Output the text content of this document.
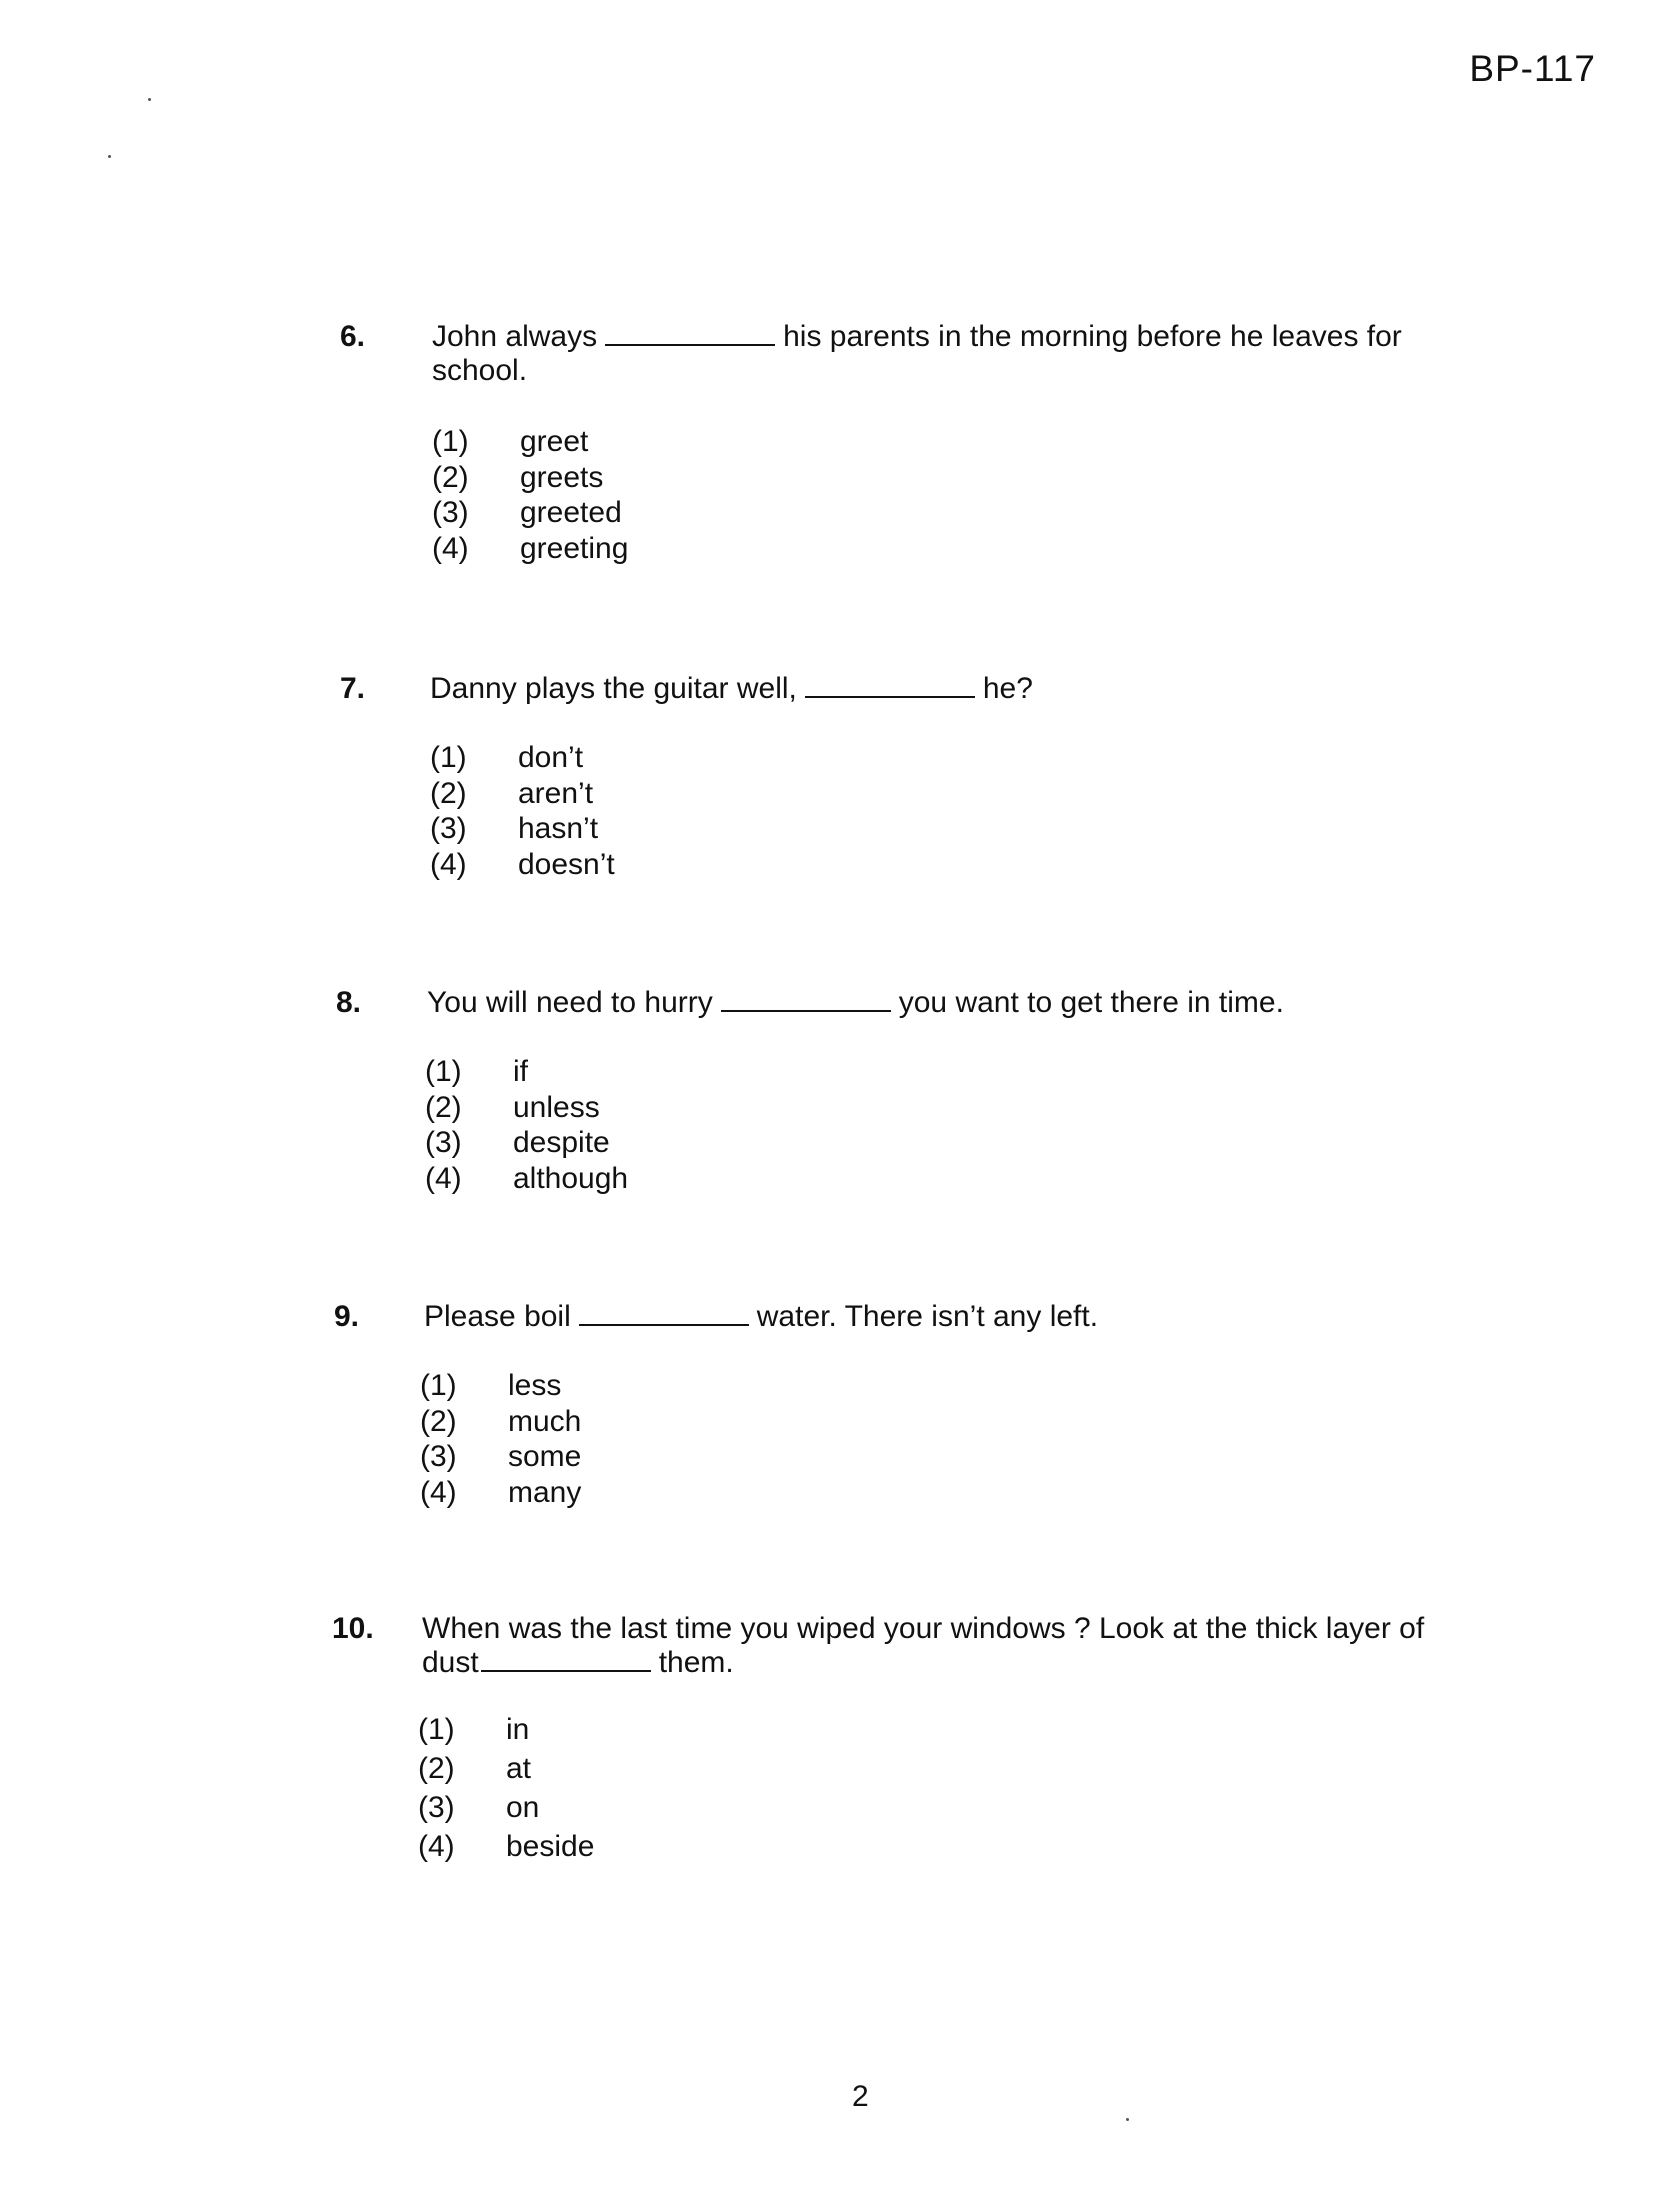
BP-117
6. John always	his parents in the morning before he leaves for school.
(1)	greet
(2)	greets
(3)	greeted
(4)	greeting
7. Danny plays the guitar well,	he?
(1)	don’t
(2)	aren’t
(3)	hasn’t
(4)	doesn’t
8. You will need to hurry	you want to get there in time.
(1)	if
(2)	unless
(3)	despite
(4)	although
9. Please boil	water. There isn’t any left.
(1)	less
(2)	much
(3)	some
(4)	many
10. When was the last time you wiped your windows ? Look at the thick layer of dust	them.
(1)	in
(2)	at
(3)	on
(4)	beside
2
